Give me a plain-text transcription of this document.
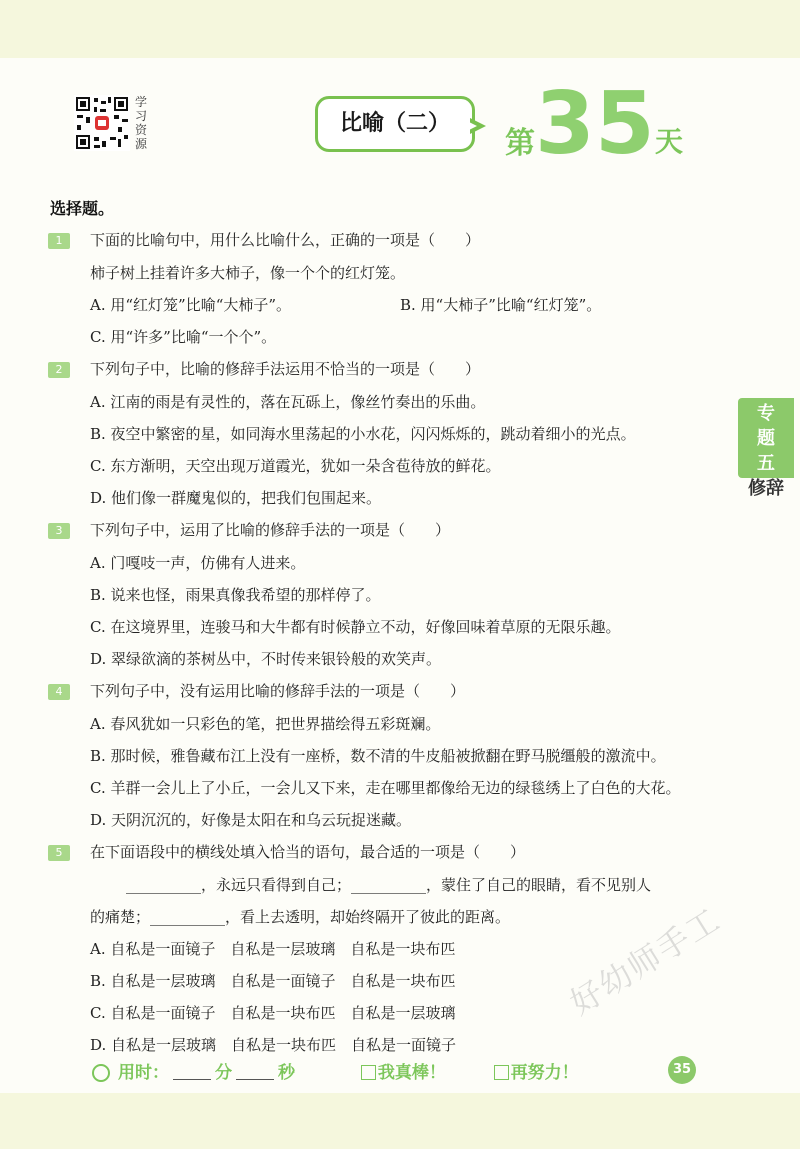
学习资源
比喻（二）
第 35 天
专
题
五
修辞
选择题。
1	下面的比喻句中，用什么比喻什么，正确的一项是（　　）
柿子树上挂着许多大柿子，像一个个的红灯笼。
A. 用“红灯笼”比喻“大柿子”。	B. 用“大柿子”比喻“红灯笼”。
C. 用“许多”比喻“一个个”。
2	下列句子中，比喻的修辞手法运用不恰当的一项是（　　）
A. 江南的雨是有灵性的，落在瓦砾上，像丝竹奏出的乐曲。
B. 夜空中繁密的星，如同海水里荡起的小水花，闪闪烁烁的，跳动着细小的光点。
C. 东方渐明，天空出现万道霞光，犹如一朵含苞待放的鲜花。
D. 他们像一群魔鬼似的，把我们包围起来。
3	下列句子中，运用了比喻的修辞手法的一项是（　　）
A. 门嘎吱一声，仿佛有人进来。
B. 说来也怪，雨果真像我希望的那样停了。
C. 在这境界里，连骏马和大牛都有时候静立不动，好像回味着草原的无限乐趣。
D. 翠绿欲滴的茶树丛中，不时传来银铃般的欢笑声。
4	下列句子中，没有运用比喻的修辞手法的一项是（　　）
A. 春风犹如一只彩色的笔，把世界描绘得五彩斑斓。
B. 那时候，雅鲁藏布江上没有一座桥，数不清的牛皮船被掀翻在野马脱缰般的激流中。
C. 羊群一会儿上了小丘，一会儿又下来，走在哪里都像给无边的绿毯绣上了白色的大花。
D. 天阴沉沉的，好像是太阳在和乌云玩捉迷藏。
5	在下面语段中的横线处填入恰当的语句，最合适的一项是（　　）
__________，永远只看得到自己；__________，蒙住了自己的眼睛，看不见别人
的痛楚；__________，看上去透明，却始终隔开了彼此的距离。
A. 自私是一面镜子　自私是一层玻璃　自私是一块布匹
B. 自私是一层玻璃　自私是一面镜子　自私是一块布匹
C. 自私是一面镜子　自私是一块布匹　自私是一层玻璃
D. 自私是一层玻璃　自私是一块布匹　自私是一面镜子
好幼师手工
用时：	分	秒	我真棒！	再努力！	35
